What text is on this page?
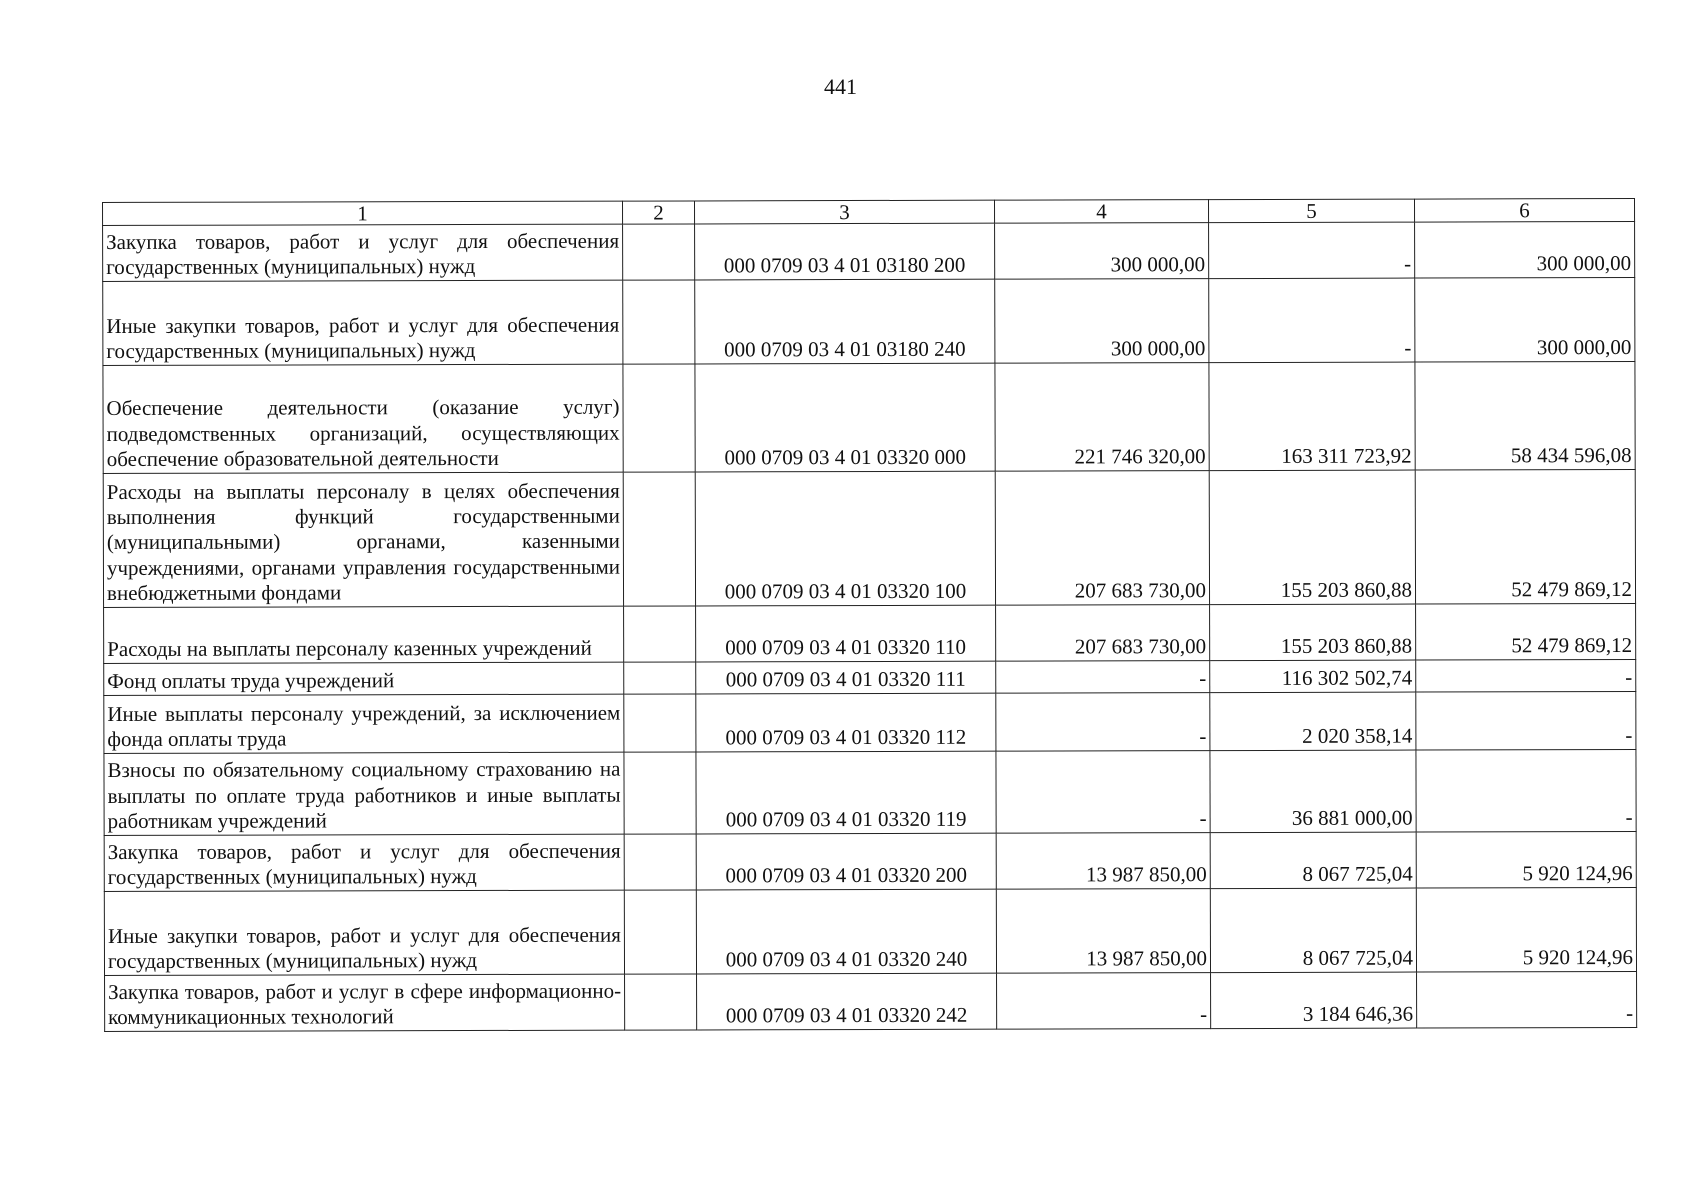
441
1	2	3	4	5	6
Закупка товаров, работ и услуг для обеспечения государственных (муниципальных) нужд		000 0709 03 4 01 03180 200	300 000,00	-	300 000,00
Иные закупки товаров, работ и услуг для обеспечения государственных (муниципальных) нужд		000 0709 03 4 01 03180 240	300 000,00	-	300 000,00
Обеспечение деятельности (оказание услуг) подведомственных организаций, осуществляющих обеспечение образовательной деятельности		000 0709 03 4 01 03320 000	221 746 320,00	163 311 723,92	58 434 596,08
Расходы на выплаты персоналу в целях обеспечения выполнения функций государственными (муниципальными) органами, казенными учреждениями, органами управления государственными внебюджетными фондами		000 0709 03 4 01 03320 100	207 683 730,00	155 203 860,88	52 479 869,12
Расходы на выплаты персоналу казенных учреждений		000 0709 03 4 01 03320 110	207 683 730,00	155 203 860,88	52 479 869,12
Фонд оплаты труда учреждений		000 0709 03 4 01 03320 111	-	116 302 502,74	-
Иные выплаты персоналу учреждений, за исключением фонда оплаты труда		000 0709 03 4 01 03320 112	-	2 020 358,14	-
Взносы по обязательному социальному страхованию на выплаты по оплате труда работников и иные выплаты работникам учреждений		000 0709 03 4 01 03320 119	-	36 881 000,00	-
Закупка товаров, работ и услуг для обеспечения государственных (муниципальных) нужд		000 0709 03 4 01 03320 200	13 987 850,00	8 067 725,04	5 920 124,96
Иные закупки товаров, работ и услуг для обеспечения государственных (муниципальных) нужд		000 0709 03 4 01 03320 240	13 987 850,00	8 067 725,04	5 920 124,96
Закупка товаров, работ и услуг в сфере информационно-коммуникационных технологий		000 0709 03 4 01 03320 242	-	3 184 646,36	-
